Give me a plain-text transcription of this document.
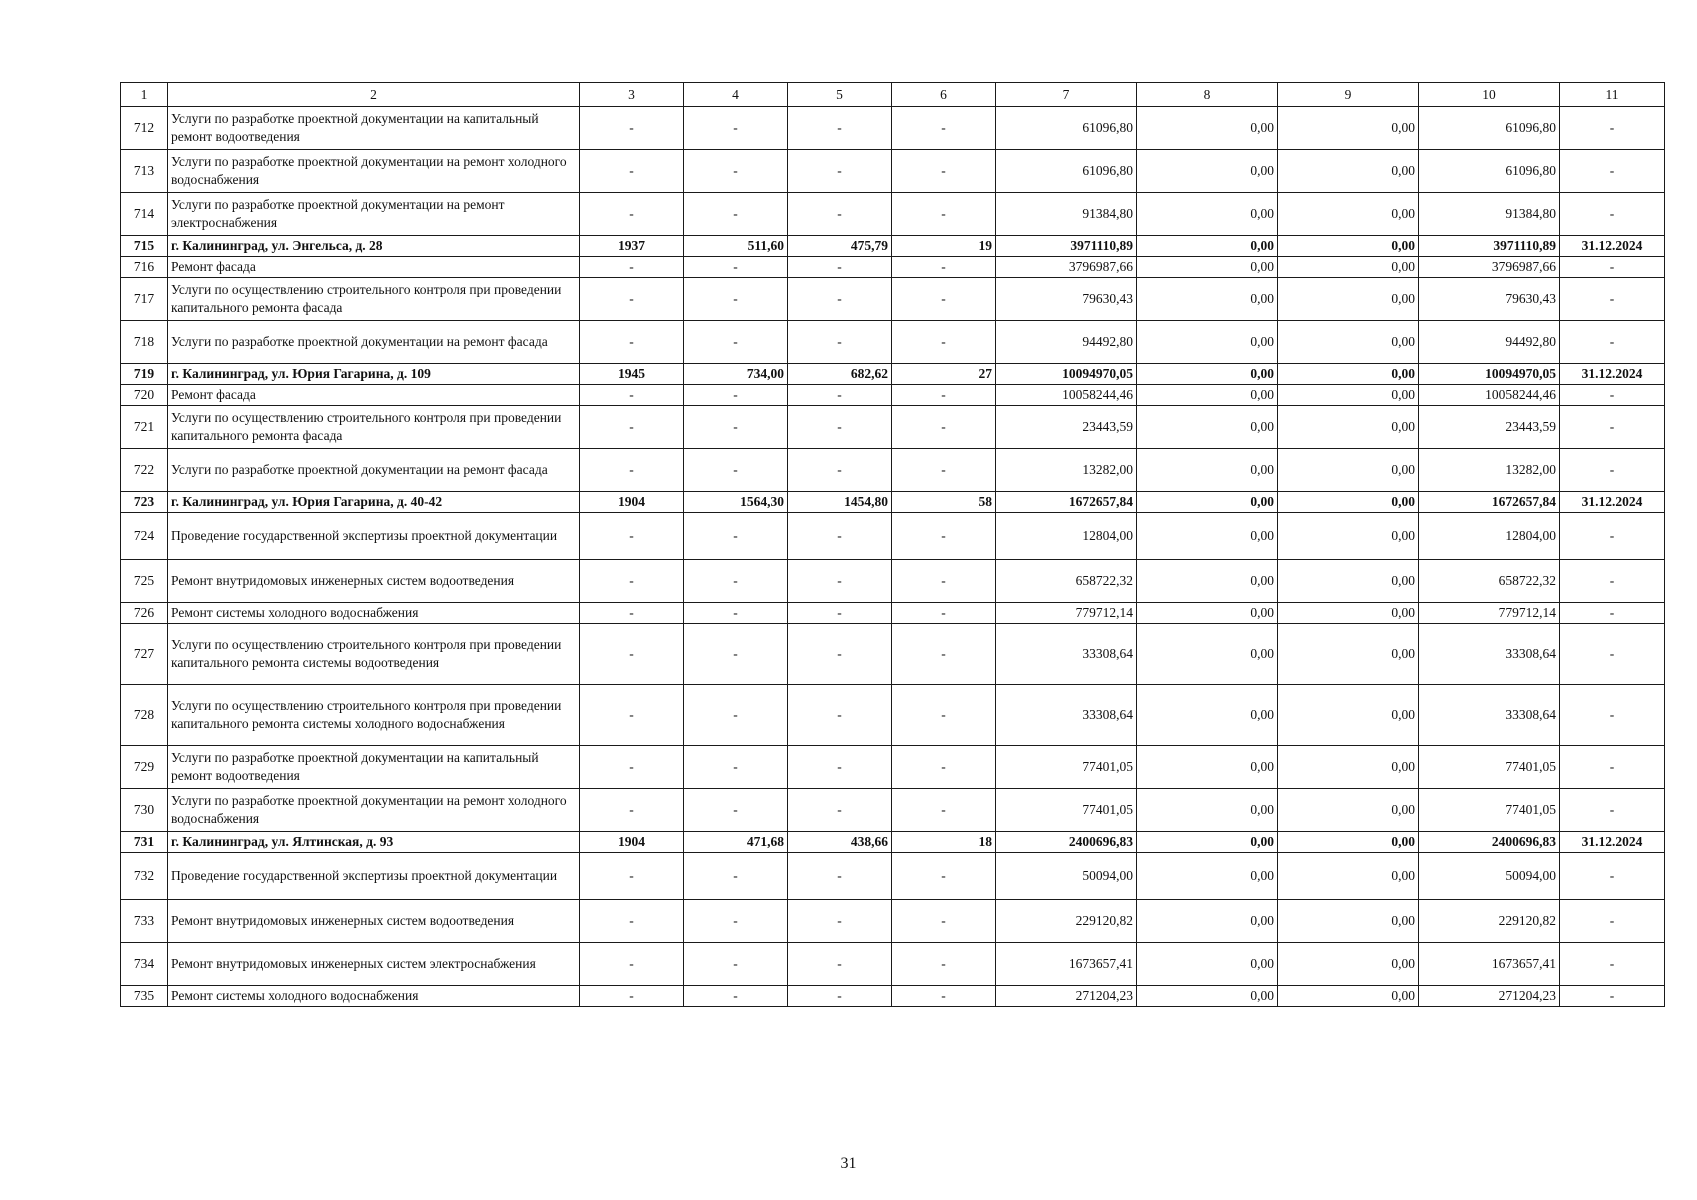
1	2	3	4	5	6	7	8	9	10	11
712	Услуги по разработке проектной документации на капитальный ремонт водоотведения	-	-	-	-	61096,80	0,00	0,00	61096,80	-
713	Услуги по разработке проектной документации на ремонт холодного водоснабжения	-	-	-	-	61096,80	0,00	0,00	61096,80	-
714	Услуги по разработке проектной документации на ремонт электроснабжения	-	-	-	-	91384,80	0,00	0,00	91384,80	-
715	г. Калининград, ул. Энгельса, д. 28	1937	511,60	475,79	19	3971110,89	0,00	0,00	3971110,89	31.12.2024
716	Ремонт фасада	-	-	-	-	3796987,66	0,00	0,00	3796987,66	-
717	Услуги по осуществлению строительного контроля при проведении капитального ремонта фасада	-	-	-	-	79630,43	0,00	0,00	79630,43	-
718	Услуги по разработке проектной документации на ремонт фасада	-	-	-	-	94492,80	0,00	0,00	94492,80	-
719	г. Калининград, ул. Юрия Гагарина, д. 109	1945	734,00	682,62	27	10094970,05	0,00	0,00	10094970,05	31.12.2024
720	Ремонт фасада	-	-	-	-	10058244,46	0,00	0,00	10058244,46	-
721	Услуги по осуществлению строительного контроля при проведении капитального ремонта фасада	-	-	-	-	23443,59	0,00	0,00	23443,59	-
722	Услуги по разработке проектной документации на ремонт фасада	-	-	-	-	13282,00	0,00	0,00	13282,00	-
723	г. Калининград, ул. Юрия Гагарина, д. 40-42	1904	1564,30	1454,80	58	1672657,84	0,00	0,00	1672657,84	31.12.2024
724	Проведение государственной экспертизы проектной документации	-	-	-	-	12804,00	0,00	0,00	12804,00	-
725	Ремонт внутридомовых инженерных систем водоотведения	-	-	-	-	658722,32	0,00	0,00	658722,32	-
726	Ремонт системы холодного водоснабжения	-	-	-	-	779712,14	0,00	0,00	779712,14	-
727	Услуги по осуществлению строительного контроля при проведении капитального ремонта системы водоотведения	-	-	-	-	33308,64	0,00	0,00	33308,64	-
728	Услуги по осуществлению строительного контроля при проведении капитального ремонта системы холодного водоснабжения	-	-	-	-	33308,64	0,00	0,00	33308,64	-
729	Услуги по разработке проектной документации на капитальный ремонт водоотведения	-	-	-	-	77401,05	0,00	0,00	77401,05	-
730	Услуги по разработке проектной документации на ремонт холодного водоснабжения	-	-	-	-	77401,05	0,00	0,00	77401,05	-
731	г. Калининград, ул. Ялтинская, д. 93	1904	471,68	438,66	18	2400696,83	0,00	0,00	2400696,83	31.12.2024
732	Проведение государственной экспертизы проектной документации	-	-	-	-	50094,00	0,00	0,00	50094,00	-
733	Ремонт внутридомовых инженерных систем водоотведения	-	-	-	-	229120,82	0,00	0,00	229120,82	-
734	Ремонт внутридомовых инженерных систем электроснабжения	-	-	-	-	1673657,41	0,00	0,00	1673657,41	-
735	Ремонт системы холодного водоснабжения	-	-	-	-	271204,23	0,00	0,00	271204,23	-
31
